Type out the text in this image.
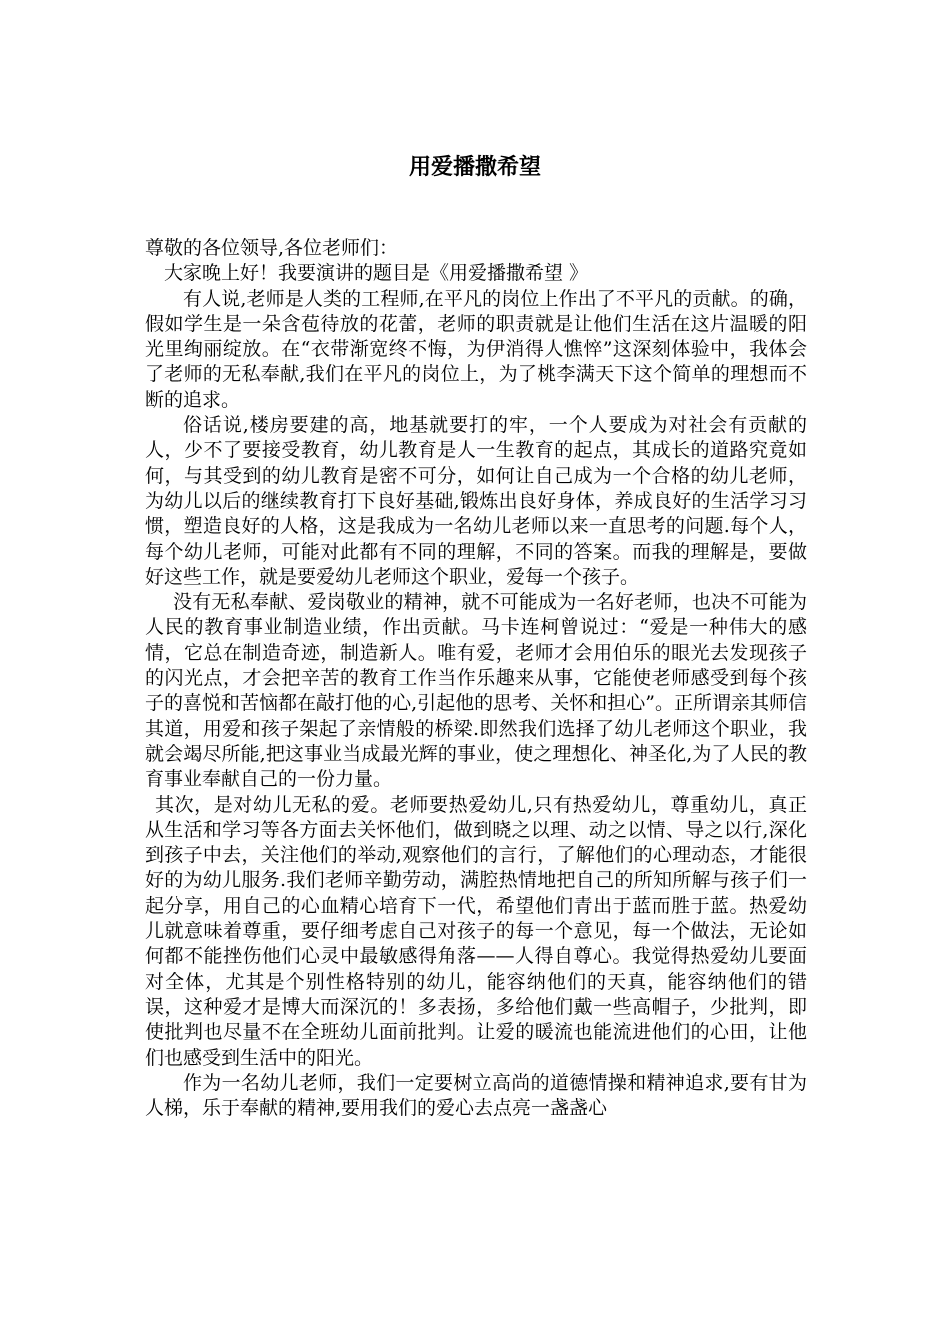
用爱播撒希望

尊敬的各位领导,各位老师们：

大家晚上好！我要演讲的题目是《用爱播撒希望 》

有人说,老师是人类的工程师,在平凡的岗位上作出了不平凡的贡献。的确，假如学生是一朵含苞待放的花蕾，老师的职责就是让他们生活在这片温暖的阳光里绚丽绽放。在“衣带渐宽终不悔，为伊消得人憔悴”这深刻体验中，我体会了老师的无私奉献,我们在平凡的岗位上，为了桃李满天下这个简单的理想而不断的追求。

俗话说,楼房要建的高，地基就要打的牢，一个人要成为对社会有贡献的人，少不了要接受教育，幼儿教育是人一生教育的起点，其成长的道路究竟如何，与其受到的幼儿教育是密不可分，如何让自己成为一个合格的幼儿老师，为幼儿以后的继续教育打下良好基础,锻炼出良好身体，养成良好的生活学习习惯，塑造良好的人格，这是我成为一名幼儿老师以来一直思考的问题.每个人，每个幼儿老师，可能对此都有不同的理解，不同的答案。而我的理解是，要做好这些工作，就是要爱幼儿老师这个职业，爱每一个孩子。

没有无私奉献、爱岗敬业的精神，就不可能成为一名好老师，也决不可能为人民的教育事业制造业绩，作出贡献。马卡连柯曾说过：“爱是一种伟大的感情，它总在制造奇迹，制造新人。唯有爱，老师才会用伯乐的眼光去发现孩子的闪光点，才会把辛苦的教育工作当作乐趣来从事，它能使老师感受到每个孩子的喜悦和苦恼都在敲打他的心,引起他的思考、关怀和担心”。正所谓亲其师信其道，用爱和孩子架起了亲情般的桥梁.即然我们选择了幼儿老师这个职业，我就会竭尽所能,把这事业当成最光辉的事业，使之理想化、神圣化,为了人民的教育事业奉献自己的一份力量。

其次，是对幼儿无私的爱。老师要热爱幼儿,只有热爱幼儿，尊重幼儿，真正从生活和学习等各方面去关怀他们，做到晓之以理、动之以情、导之以行,深化到孩子中去，关注他们的举动,观察他们的言行，了解他们的心理动态，才能很好的为幼儿服务.我们老师辛勤劳动，满腔热情地把自己的所知所解与孩子们一起分享，用自己的心血精心培育下一代，希望他们青出于蓝而胜于蓝。热爱幼儿就意味着尊重，要仔细考虑自己对孩子的每一个意见，每一个做法，无论如何都不能挫伤他们心灵中最敏感得角落——人得自尊心。我觉得热爱幼儿要面对全体，尤其是个别性格特别的幼儿，能容纳他们的天真，能容纳他们的错误，这种爱才是博大而深沉的！多表扬，多给他们戴一些高帽子，少批判，即使批判也尽量不在全班幼儿面前批判。让爱的暖流也能流进他们的心田，让他们也感受到生活中的阳光。

作为一名幼儿老师，我们一定要树立高尚的道德情操和精神追求,要有甘为人梯，乐于奉献的精神,要用我们的爱心去点亮一盏盏心
